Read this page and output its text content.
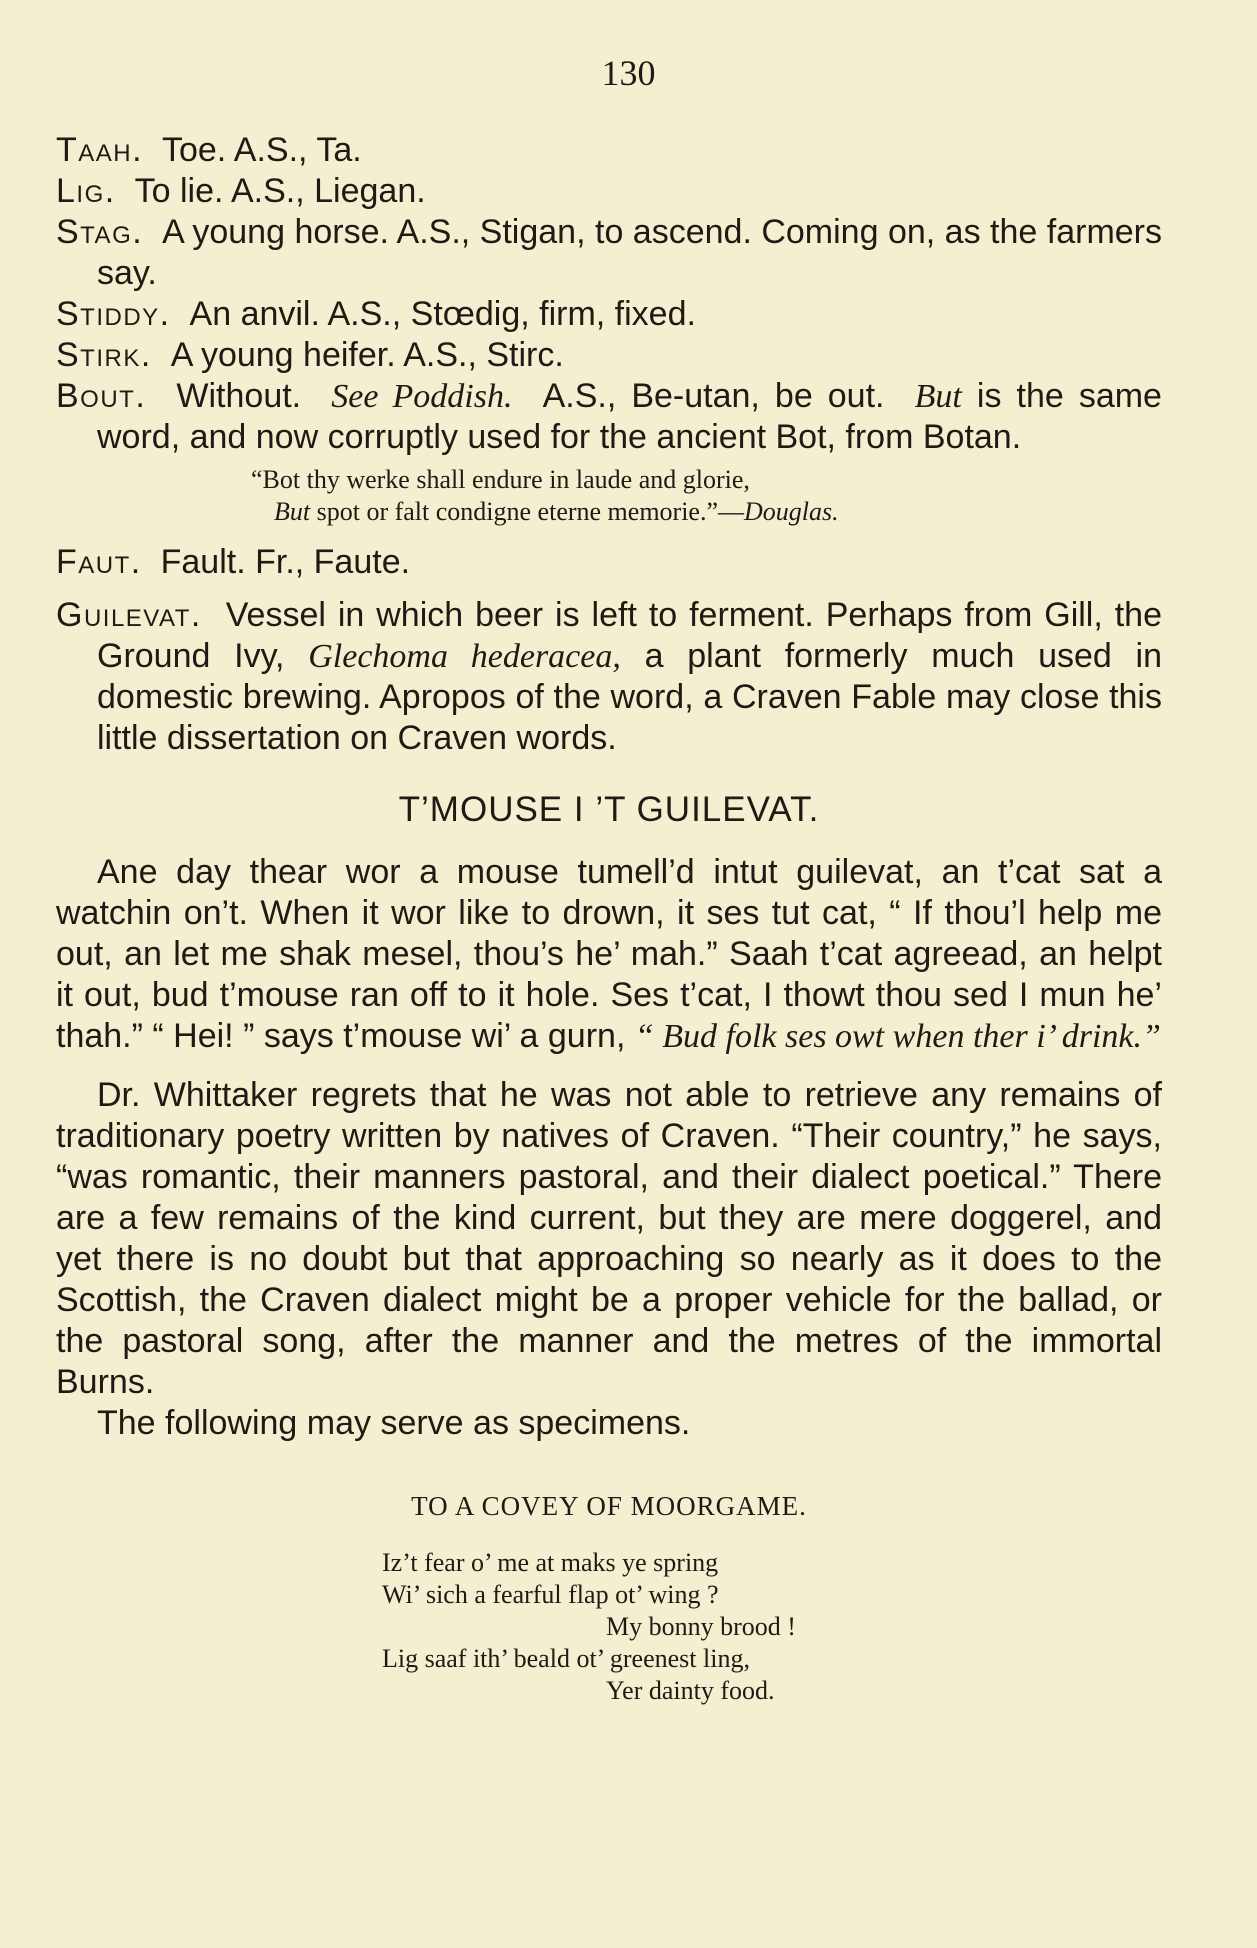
130

Taah. Toe. A.S., Ta.

Lig. To lie. A.S., Liegan.

Stag. A young horse. A.S., Stigan, to ascend. Coming on, as the farmers say.

Stiddy. An anvil. A.S., Stœdig, firm, fixed.

Stirk. A young heifer. A.S., Stirc.

Bout. Without. See Poddish. A.S., Be-utan, be out. But is the same word, and now corruptly used for the ancient Bot, from Botan.

“Bot thy werke shall endure in laude and glorie,
But spot or falt condigne eterne memorie.”—Douglas.

Faut. Fault. Fr., Faute.

Guilevat. Vessel in which beer is left to ferment. Perhaps from Gill, the Ground Ivy, Glechoma hederacea, a plant formerly much used in domestic brewing. Apropos of the word, a Craven Fable may close this little dissertation on Craven words.

T’MOUSE I ’T GUILEVAT.

Ane day thear wor a mouse tumell’d intut guilevat, an t’cat sat a watchin on’t. When it wor like to drown, it ses tut cat, “ If thou’l help me out, an let me shak mesel, thou’s he’ mah.” Saah t’cat agreead, an helpt it out, bud t’mouse ran off to it hole. Ses t’cat, I thowt thou sed I mun he’ thah.” “ Hei! ” says t’mouse wi’ a gurn, “ Bud folk ses owt when ther i’ drink.”

Dr. Whittaker regrets that he was not able to retrieve any remains of traditionary poetry written by natives of Craven. “Their country,” he says, “was romantic, their manners pastoral, and their dialect poetical.” There are a few remains of the kind current, but they are mere doggerel, and yet there is no doubt but that approaching so nearly as it does to the Scottish, the Craven dialect might be a proper vehicle for the ballad, or the pastoral song, after the manner and the metres of the immortal Burns.

The following may serve as specimens.

TO A COVEY OF MOORGAME.
Iz’t fear o’ me at maks ye spring
Wi’ sich a fearful flap ot’ wing ?
My bonny brood !
Lig saaf ith’ beald ot’ greenest ling,
Yer dainty food.
